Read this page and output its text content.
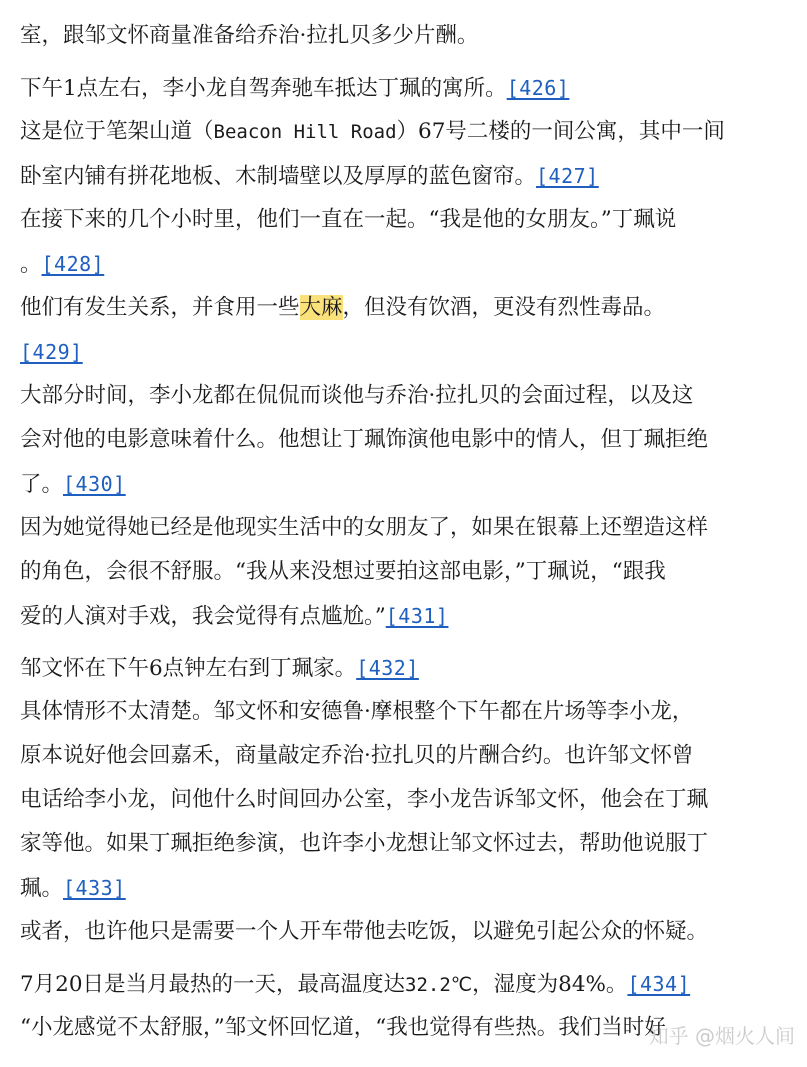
室，跟邹文怀商量准备给乔治·拉扎贝多少片酬。
下午1点左右，李小龙自驾奔驰车抵达丁珮的寓所。[426]
这是位于笔架山道（Beacon Hill Road）67号二楼的一间公寓，其中一间
卧室内铺有拼花地板、木制墙壁以及厚厚的蓝色窗帘。[427]
在接下来的几个小时里，他们一直在一起。“我是他的女朋友。”丁珮说
。[428]
他们有发生关系，并食用一些大麻，但没有饮酒，更没有烈性毒品。
[429]
大部分时间，李小龙都在侃侃而谈他与乔治·拉扎贝的会面过程，以及这
会对他的电影意味着什么。他想让丁珮饰演他电影中的情人，但丁珮拒绝
了。[430]
因为她觉得她已经是他现实生活中的女朋友了，如果在银幕上还塑造这样
的角色，会很不舒服。“我从来没想过要拍这部电影，”丁珮说，“跟我
爱的人演对手戏，我会觉得有点尴尬。”[431]
邹文怀在下午6点钟左右到丁珮家。[432]
具体情形不太清楚。邹文怀和安德鲁·摩根整个下午都在片场等李小龙，
原本说好他会回嘉禾，商量敲定乔治·拉扎贝的片酬合约。也许邹文怀曾
电话给李小龙，问他什么时间回办公室，李小龙告诉邹文怀，他会在丁珮
家等他。如果丁珮拒绝参演，也许李小龙想让邹文怀过去，帮助他说服丁
珮。[433]
或者，也许他只是需要一个人开车带他去吃饭，以避免引起公众的怀疑。
7月20日是当月最热的一天，最高温度达32.2℃，湿度为84%。[434]
“小龙感觉不太舒服，”邹文怀回忆道，“我也觉得有些热。我们当时好
知乎 @烟火人间
